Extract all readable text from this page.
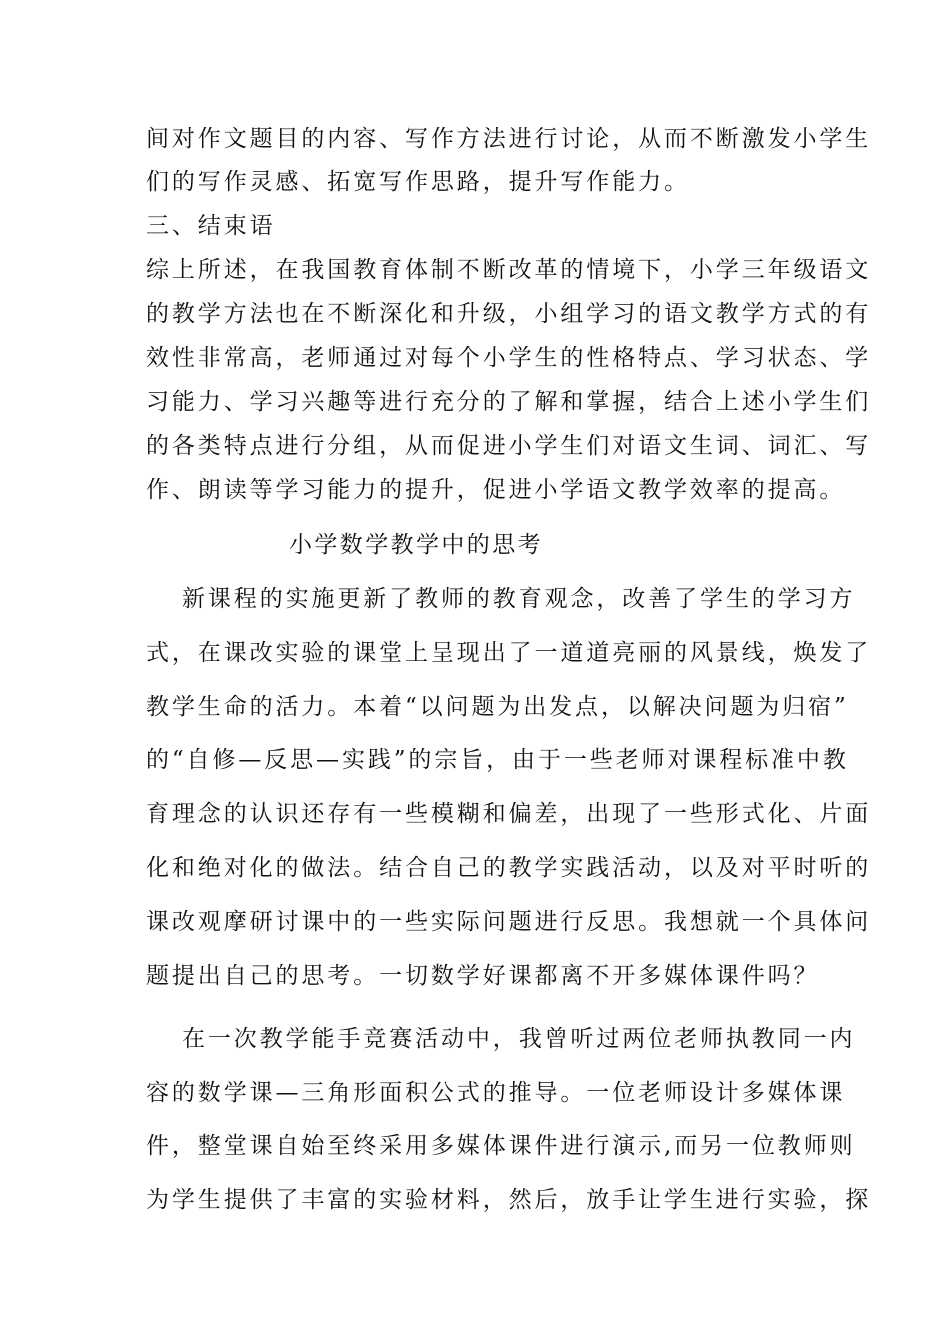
间对作文题目的内容、写作方法进行讨论，从而不断激发小学生
们的写作灵感、拓宽写作思路，提升写作能力。
三、结束语
综上所述，在我国教育体制不断改革的情境下，小学三年级语文
的教学方法也在不断深化和升级，小组学习的语文教学方式的有
效性非常高，老师通过对每个小学生的性格特点、学习状态、学
习能力、学习兴趣等进行充分的了解和掌握，结合上述小学生们
的各类特点进行分组，从而促进小学生们对语文生词、词汇、写
作、朗读等学习能力的提升，促进小学语文教学效率的提高。
小学数学教学中的思考
新课程的实施更新了教师的教育观念，改善了学生的学习方
式，在课改实验的课堂上呈现出了一道道亮丽的风景线，焕发了
教学生命的活力。本着“以问题为出发点，以解决问题为归宿”
的“自修—反思—实践”的宗旨，由于一些老师对课程标准中教
育理念的认识还存有一些模糊和偏差，出现了一些形式化、片面
化和绝对化的做法。结合自己的教学实践活动，以及对平时听的
课改观摩研讨课中的一些实际问题进行反思。我想就一个具体问
题提出自己的思考。一切数学好课都离不开多媒体课件吗？
在一次教学能手竞赛活动中，我曾听过两位老师执教同一内
容的数学课—三角形面积公式的推导。一位老师设计多媒体课
件，整堂课自始至终采用多媒体课件进行演示,而另一位教师则
为学生提供了丰富的实验材料，然后，放手让学生进行实验，探
